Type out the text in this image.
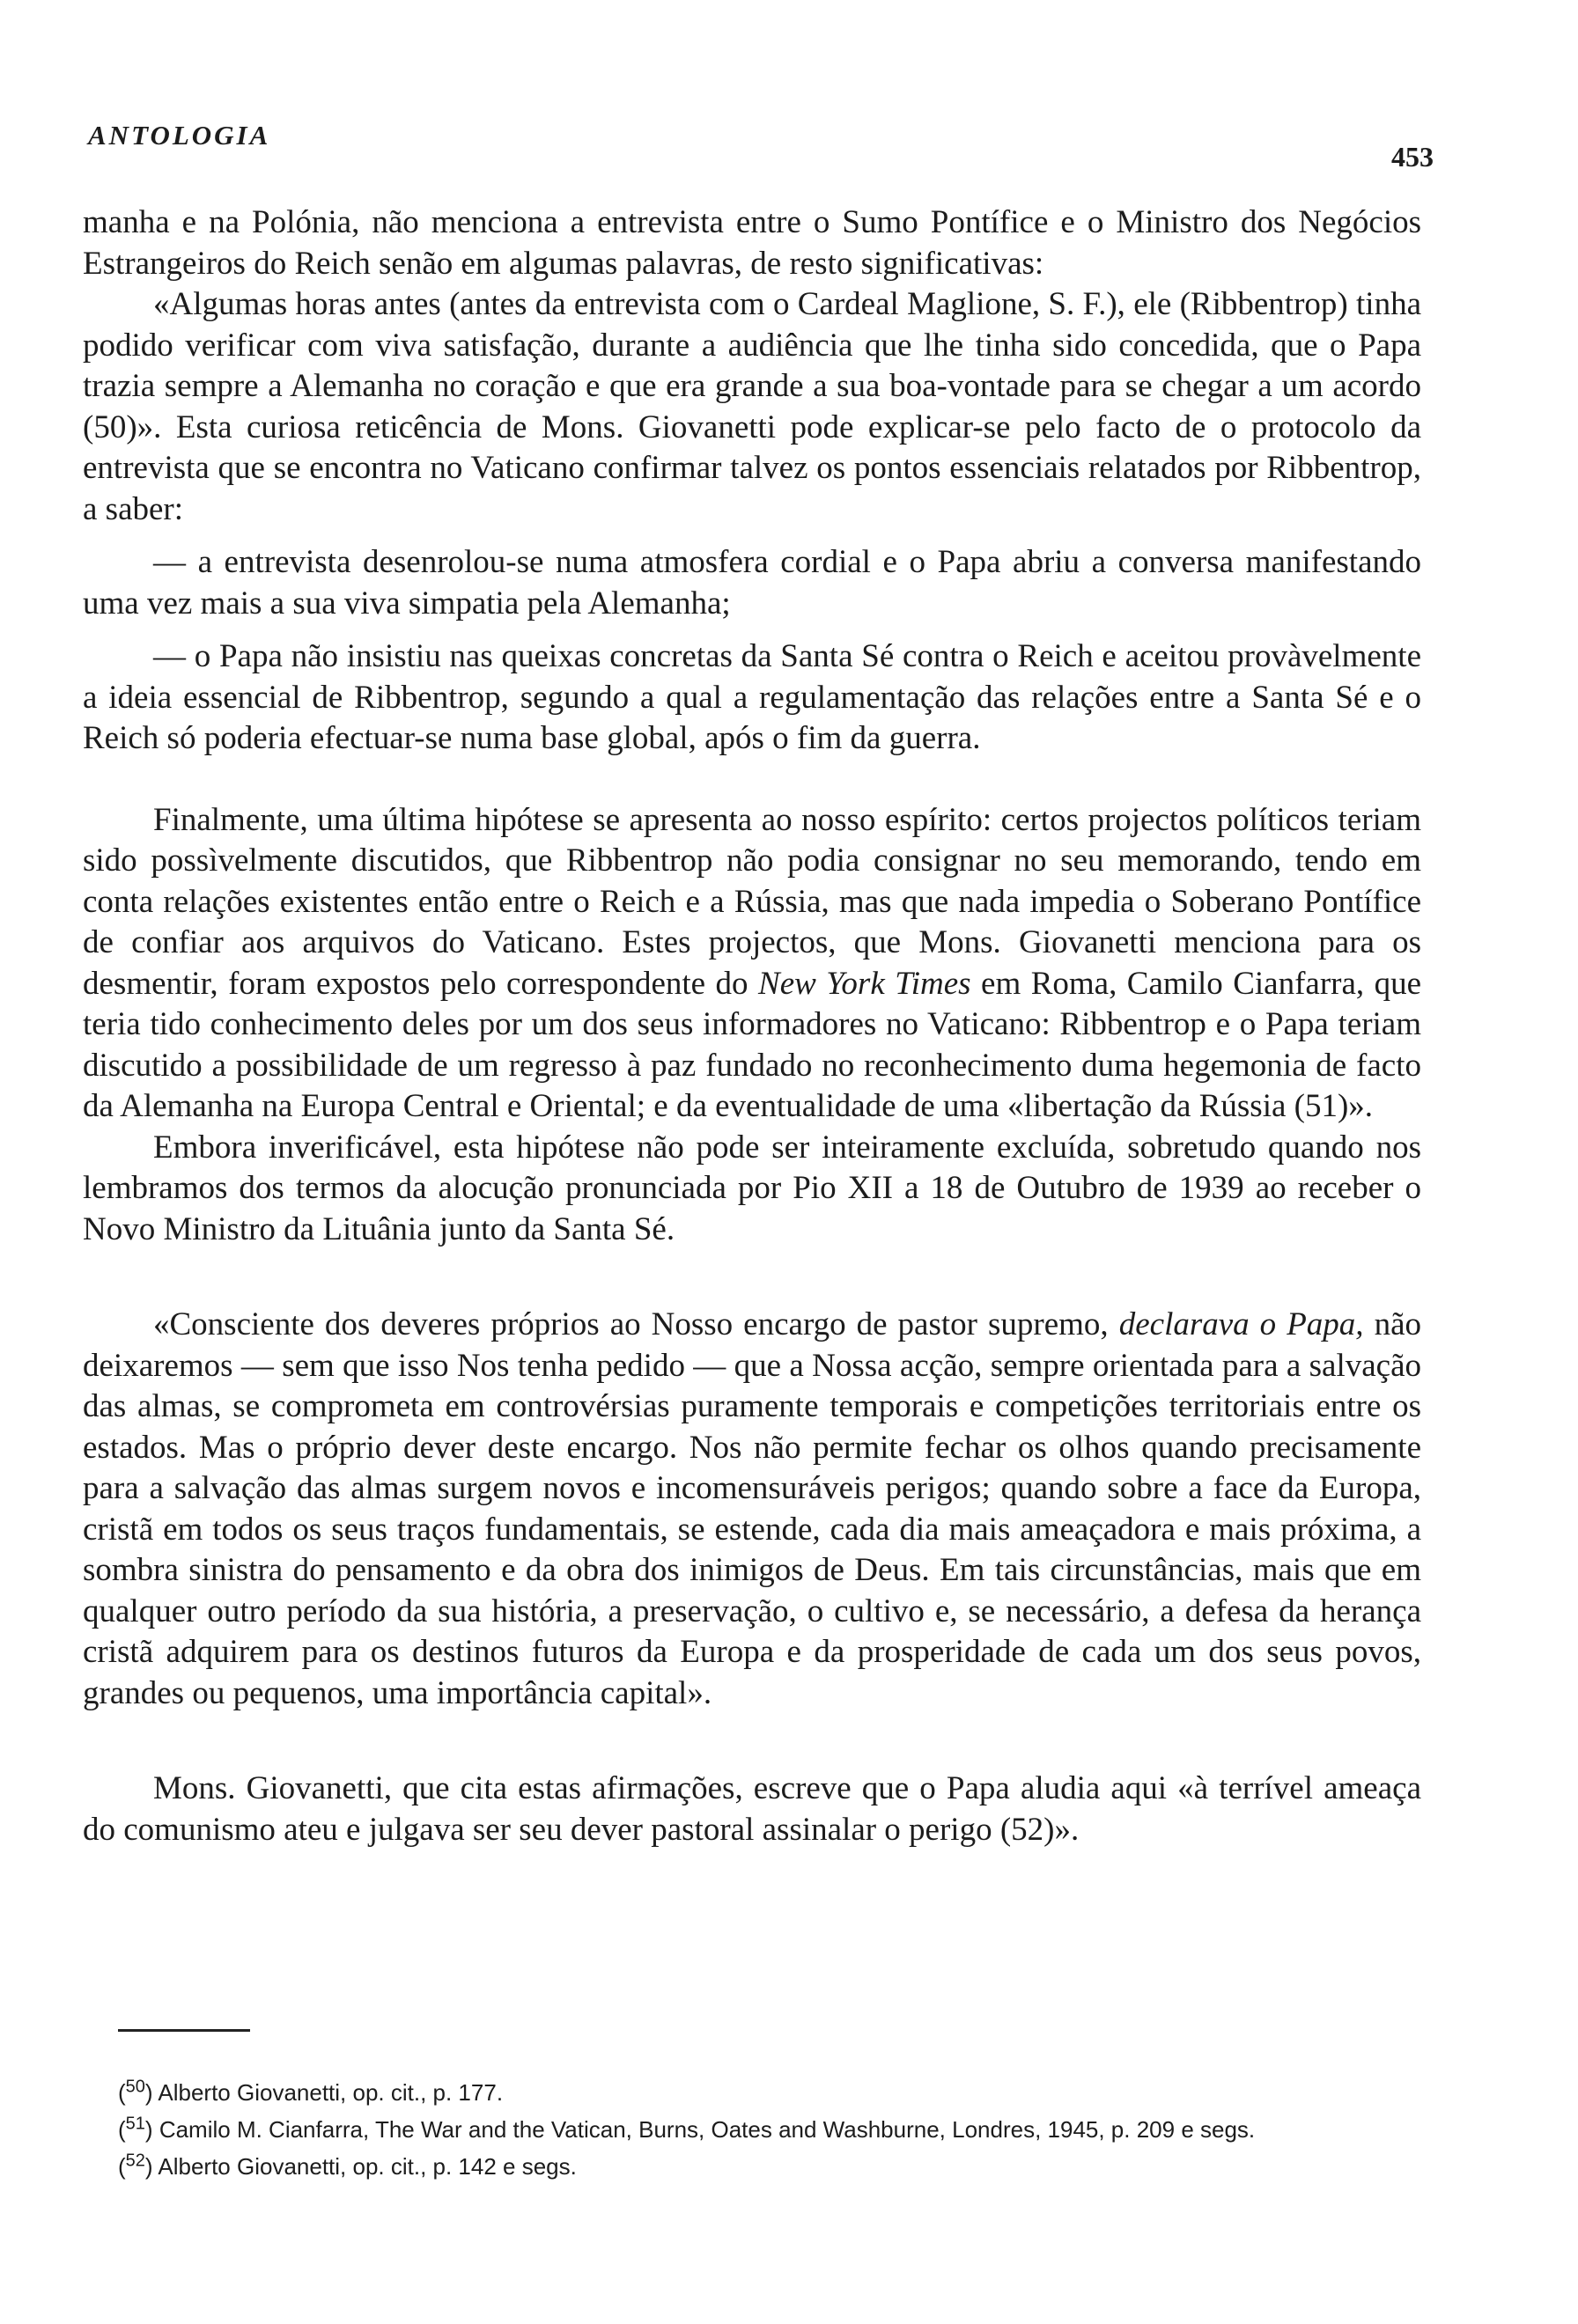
ANTOLOGIA
453

manha e na Polónia, não menciona a entrevista entre o Sumo Pontífice e o Ministro dos Negócios Estrangeiros do Reich senão em algumas palavras, de resto significativas:

«Algumas horas antes (antes da entrevista com o Cardeal Maglione, S. F.), ele (Ribbentrop) tinha podido verificar com viva satisfação, durante a audiência que lhe tinha sido concedida, que o Papa trazia sempre a Alemanha no coração e que era grande a sua boa-vontade para se chegar a um acordo (50)». Esta curiosa reticência de Mons. Giovanetti pode explicar-se pelo facto de o protocolo da entrevista que se encontra no Vaticano confirmar talvez os pontos essenciais relatados por Ribbentrop, a saber:

— a entrevista desenrolou-se numa atmosfera cordial e o Papa abriu a conversa manifestando uma vez mais a sua viva simpatia pela Alemanha;

— o Papa não insistiu nas queixas concretas da Santa Sé contra o Reich e aceitou provàvelmente a ideia essencial de Ribbentrop, segundo a qual a regulamentação das relações entre a Santa Sé e o Reich só poderia efectuar-se numa base global, após o fim da guerra.

Finalmente, uma última hipótese se apresenta ao nosso espírito: certos projectos políticos teriam sido possìvelmente discutidos, que Ribbentrop não podia consignar no seu memorando, tendo em conta relações existentes então entre o Reich e a Rússia, mas que nada impedia o Soberano Pontífice de confiar aos arquivos do Vaticano. Estes projectos, que Mons. Giovanetti menciona para os desmentir, foram expostos pelo correspondente do New York Times em Roma, Camilo Cianfarra, que teria tido conhecimento deles por um dos seus informadores no Vaticano: Ribbentrop e o Papa teriam discutido a possibilidade de um regresso à paz fundado no reconhecimento duma hegemonia de facto da Alemanha na Europa Central e Oriental; e da eventualidade de uma «libertação da Rússia (51)».

Embora inverificável, esta hipótese não pode ser inteiramente excluída, sobretudo quando nos lembramos dos termos da alocução pronunciada por Pio XII a 18 de Outubro de 1939 ao receber o Novo Ministro da Lituânia junto da Santa Sé.

«Consciente dos deveres próprios ao Nosso encargo de pastor supremo, declarava o Papa, não deixaremos — sem que isso Nos tenha pedido — que a Nossa acção, sempre orientada para a salvação das almas, se comprometa em controvérsias puramente temporais e competições territoriais entre os estados. Mas o próprio dever deste encargo. Nos não permite fechar os olhos quando precisamente para a salvação das almas surgem novos e incomensuráveis perigos; quando sobre a face da Europa, cristã em todos os seus traços fundamentais, se estende, cada dia mais ameaçadora e mais próxima, a sombra sinistra do pensamento e da obra dos inimigos de Deus. Em tais circunstâncias, mais que em qualquer outro período da sua história, a preservação, o cultivo e, se necessário, a defesa da herança cristã adquirem para os destinos futuros da Europa e da prosperidade de cada um dos seus povos, grandes ou pequenos, uma importância capital».

Mons. Giovanetti, que cita estas afirmações, escreve que o Papa aludia aqui «à terrível ameaça do comunismo ateu e julgava ser seu dever pastoral assinalar o perigo (52)».

($^{50}$) Alberto Giovanetti, op. cit., p. 177.

($^{51}$) Camilo M. Cianfarra, The War and the Vatican, Burns, Oates and Washburne, Londres, 1945, p. 209 e segs.

($^{52}$) Alberto Giovanetti, op. cit., p. 142 e segs.
